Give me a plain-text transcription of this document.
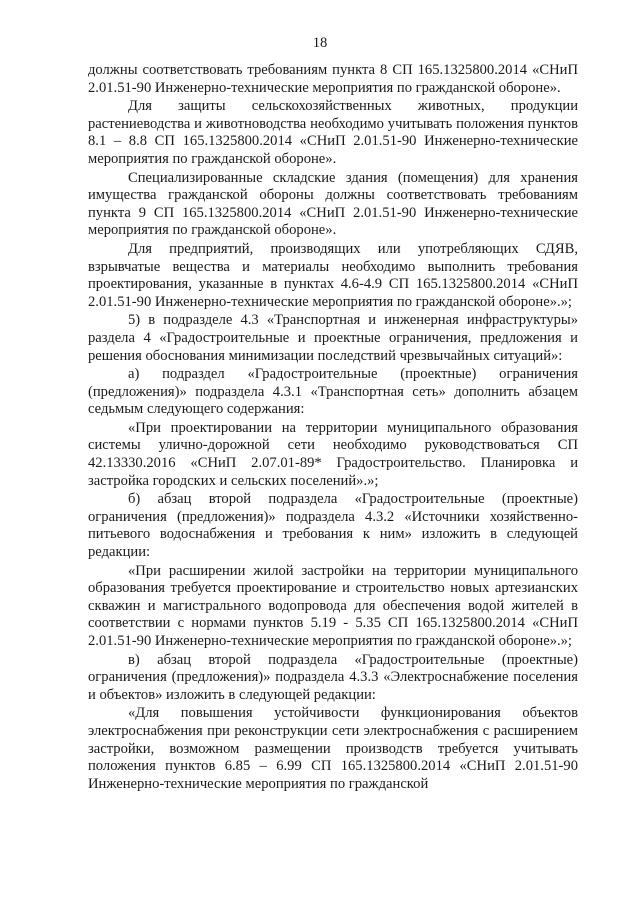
18

должны соответствовать требованиям пункта 8 СП 165.1325800.2014 «СНиП 2.01.51-90 Инженерно-технические мероприятия по гражданской обороне».

Для защиты сельскохозяйственных животных, продукции растениеводства и животноводства необходимо учитывать положения пунктов 8.1 – 8.8 СП 165.1325800.2014 «СНиП 2.01.51-90 Инженерно-технические мероприятия по гражданской обороне».

Специализированные складские здания (помещения) для хранения имущества гражданской обороны должны соответствовать требованиям пункта 9 СП 165.1325800.2014 «СНиП 2.01.51-90 Инженерно-технические мероприятия по гражданской обороне».

Для предприятий, производящих или употребляющих СДЯВ, взрывчатые вещества и материалы необходимо выполнить требования проектирования, указанные в пунктах 4.6-4.9 СП 165.1325800.2014 «СНиП 2.01.51-90 Инженерно-технические мероприятия по гражданской обороне».»;

5) в подразделе 4.3 «Транспортная и инженерная инфраструктуры» раздела 4 «Градостроительные и проектные ограничения, предложения и решения обоснования минимизации последствий чрезвычайных ситуаций»:

а) подраздел «Градостроительные (проектные) ограничения (предложения)» подраздела 4.3.1 «Транспортная сеть» дополнить абзацем седьмым следующего содержания:

«При проектировании на территории муниципального образования системы улично-дорожной сети необходимо руководствоваться СП 42.13330.2016 «СНиП 2.07.01-89* Градостроительство. Планировка и застройка городских и сельских поселений».»;

б) абзац второй подраздела «Градостроительные (проектные) ограничения (предложения)» подраздела 4.3.2 «Источники хозяйственно-питьевого водоснабжения и требования к ним» изложить в следующей редакции:

«При расширении жилой застройки на территории муниципального образования требуется проектирование и строительство новых артезианских скважин и магистрального водопровода для обеспечения водой жителей в соответствии с нормами пунктов 5.19 - 5.35 СП 165.1325800.2014 «СНиП 2.01.51-90 Инженерно-технические мероприятия по гражданской обороне».»;

в) абзац второй подраздела «Градостроительные (проектные) ограничения (предложения)» подраздела 4.3.3 «Электроснабжение поселения и объектов» изложить в следующей редакции:

«Для повышения устойчивости функционирования объектов электроснабжения при реконструкции сети электроснабжения с расширением застройки, возможном размещении производств требуется учитывать положения пунктов 6.85 – 6.99 СП 165.1325800.2014 «СНиП 2.01.51-90 Инженерно-технические мероприятия по гражданской
